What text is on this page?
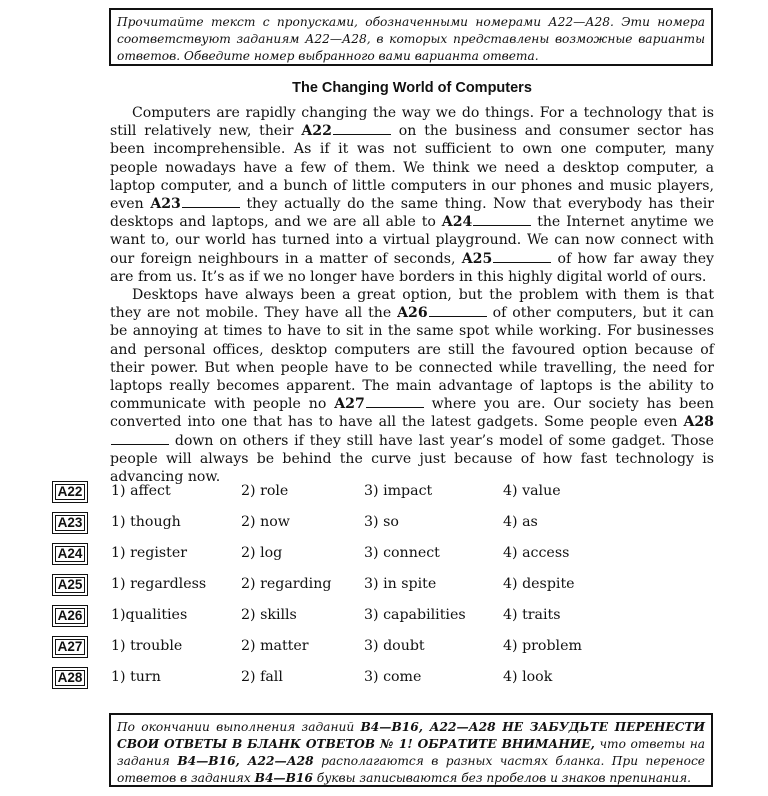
Прочитайте текст с пропусками, обозначенными номерами А22—А28. Эти номера соответствуют заданиям А22—А28, в которых представлены возможные варианты ответов. Обведите номер выбранного вами варианта ответа.
The Changing World of Computers

Computers are rapidly changing the way we do things. For a technology that is still relatively new, their A22	on the business and consumer sector has been incomprehensible. As if it was not sufficient to own one computer, many people nowadays have a few of them. We think we need a desktop computer, a laptop computer, and a bunch of little computers in our phones and music players, even A23	they actually do the same thing. Now that everybody has their desktops and laptops, and we are all able to A24	the Internet anytime we want to, our world has turned into a virtual playground. We can now connect with our foreign neighbours in a matter of seconds, A25	of how far away they are from us. It’s as if we no longer have borders in this highly digital world of ours.

Desktops have always been a great option, but the problem with them is that they are not mobile. They have all the A26	of other computers, but it can be annoying at times to have to sit in the same spot while working. For businesses and personal offices, desktop computers are still the favoured option because of their power. But when people have to be connected while travelling, the need for laptops really becomes apparent. The main advantage of laptops is the ability to communicate with people no A27	where you are. Our society has been converted into one that has to have all the latest gadgets. Some people even A28 down on others if they still have last year’s model of some gadget. Those people will always be behind the curve just because of how fast technology is advancing now.

A22	1) affect	2) role	3) impact	4) value
A23	1) though	2) now	3) so	4) as
A24	1) register	2) log	3) connect	4) access
A25	1) regardless 2) regarding 3) in spite	4) despite
A26	1)qualities	2) skills	3) capabilities	4) traits
A27	1) trouble	2) matter	3) doubt	4) problem
A28	1) turn	2) fall	3) come	4) look
По окончании выполнения заданий В4—В16, А22—А28 НЕ ЗАБУДЬТЕ ПЕРЕНЕСТИ СВОИ ОТВЕТЫ В БЛАНК ОТВЕТОВ № 1! ОБРАТИТЕ ВНИМАНИЕ, что ответы на задания В4—В16, А22—А28 располагаются в разных частях бланка. При переносе ответов в заданиях В4—В16 буквы записываются без пробелов и знаков препинания.
